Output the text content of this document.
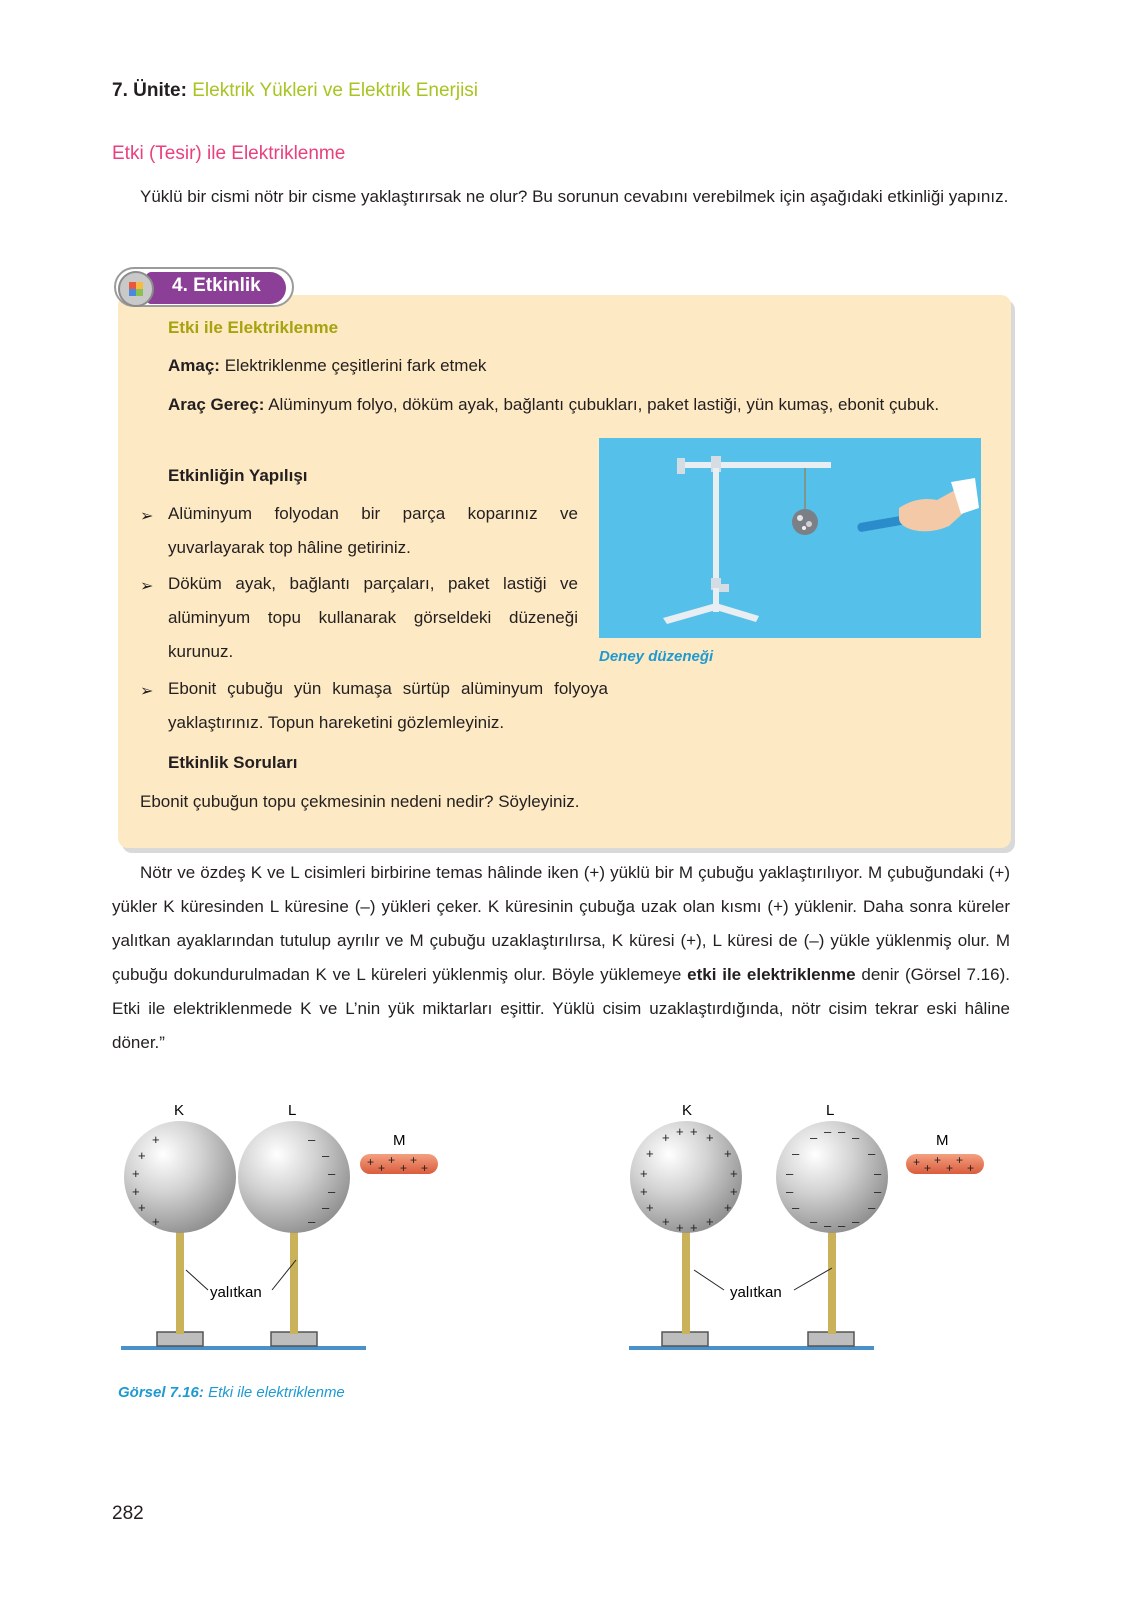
7. Ünite: Elektrik Yükleri ve Elektrik Enerjisi
Etki (Tesir) ile Elektriklenme
Yüklü bir cismi nötr bir cisme yaklaştırırsak ne olur? Bu sorunun cevabını verebilmek için aşağıdaki etkinliği yapınız.
4. Etkinlik
Etki ile Elektriklenme
Amaç: Elektriklenme çeşitlerini fark etmek
Araç Gereç: Alüminyum folyo, döküm ayak, bağlantı çubukları, paket lastiği, yün kumaş, ebonit çubuk.
Etkinliğin Yapılışı
➢ Alüminyum folyodan bir parça koparınız ve yuvarlayarak top hâline getiriniz.
➢ Döküm ayak, bağlantı parçaları, paket lastiği ve alüminyum topu kullanarak görseldeki düzeneği kurunuz.
➢ Ebonit çubuğu yün kumaşa sürtüp alüminyum folyoya yaklaştırınız. Topun hareketini gözlemleyiniz.
Etkinlik Soruları
Ebonit çubuğun topu çekmesinin nedeni nedir? Söyleyiniz.
Deney düzeneği
Nötr ve özdeş K ve L cisimleri birbirine temas hâlinde iken (+) yüklü bir M çubuğu yaklaştırılıyor. M çubuğundaki (+) yükler K küresinden L küresine (–) yükleri çeker. K küresinin çubuğa uzak olan kısmı (+) yüklenir. Daha sonra küreler yalıtkan ayaklarından tutulup ayrılır ve M çubuğu uzaklaştırılırsa, K küresi (+), L küresi de (–) yükle yüklenmiş olur. M çubuğu dokundurulmadan K ve L küreleri yüklenmiş olur. Böyle yüklemeye etki ile elektriklenme denir (Görsel 7.16). Etki ile elektriklenmede K ve L’nin yük miktarları eşittir. Yüklü cisim uzaklaştırdığında, nötr cisim tekrar eski hâline döner.”
+
+
+
+
+
+
–
–
–
–
–
–
+ +
+
+
+
+
K	L
M
yalıtkan
+ + + +
+	+
+	+
+	+
+	+
+ + + +
– – – –
–	–
–	–
–	–
–	–
– – – –
+ +
+
+
+
+
K	L
M
yalıtkan
Görsel 7.16: Etki ile elektriklenme
282
